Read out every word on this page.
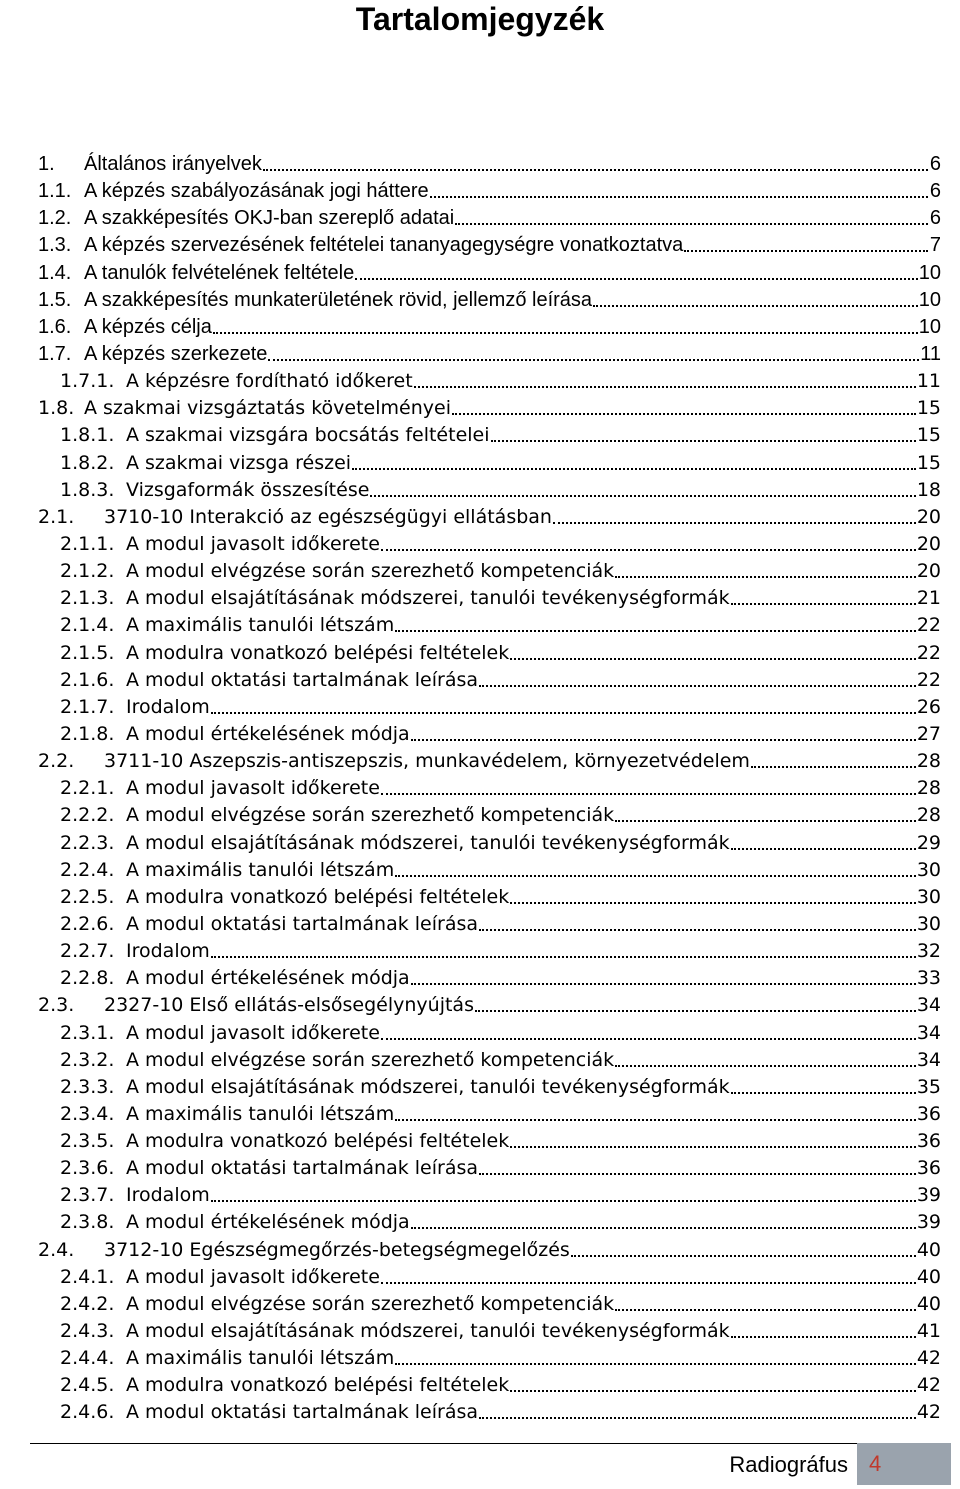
Tartalomjegyzék
1.	Általános irányelvek	6
1.1. A képzés szabályozásának jogi háttere	6
1.2. A szakképesítés OKJ-ban szereplő adatai	6
1.3. A képzés szervezésének feltételei tananyagegységre vonatkoztatva	7
1.4. A tanulók felvételének feltétele	10
1.5. A szakképesítés munkaterületének rövid, jellemző leírása	10
1.6. A képzés célja	10
1.7. A képzés szerkezete	11
1.7.1. A képzésre fordítható időkeret	11
1.8. A szakmai vizsgáztatás követelményei	15
1.8.1. A szakmai vizsgára bocsátás feltételei	15
1.8.2. A szakmai vizsga részei	15
1.8.3. Vizsgaformák összesítése	18
2.1.	3710-10 Interakció az egészségügyi ellátásban	20
2.1.1. A modul javasolt időkerete	20
2.1.2. A modul elvégzése során szerezhető kompetenciák	20
2.1.3. A modul elsajátításának módszerei, tanulói tevékenységformák	21
2.1.4. A maximális tanulói létszám	22
2.1.5. A modulra vonatkozó belépési feltételek	22
2.1.6. A modul oktatási tartalmának leírása	22
2.1.7. Irodalom	26
2.1.8. A modul értékelésének módja	27
2.2.	3711-10 Aszepszis-antiszepszis, munkavédelem, környezetvédelem	28
2.2.1. A modul javasolt időkerete	28
2.2.2. A modul elvégzése során szerezhető kompetenciák	28
2.2.3. A modul elsajátításának módszerei, tanulói tevékenységformák	29
2.2.4. A maximális tanulói létszám	30
2.2.5. A modulra vonatkozó belépési feltételek	30
2.2.6. A modul oktatási tartalmának leírása	30
2.2.7. Irodalom	32
2.2.8. A modul értékelésének módja	33
2.3.	2327-10 Első ellátás-elsősegélynyújtás	34
2.3.1. A modul javasolt időkerete	34
2.3.2. A modul elvégzése során szerezhető kompetenciák	34
2.3.3. A modul elsajátításának módszerei, tanulói tevékenységformák	35
2.3.4. A maximális tanulói létszám	36
2.3.5. A modulra vonatkozó belépési feltételek	36
2.3.6. A modul oktatási tartalmának leírása	36
2.3.7. Irodalom	39
2.3.8. A modul értékelésének módja	39
2.4.	3712-10 Egészségmegőrzés-betegségmegelőzés	40
2.4.1. A modul javasolt időkerete	40
2.4.2. A modul elvégzése során szerezhető kompetenciák	40
2.4.3. A modul elsajátításának módszerei, tanulói tevékenységformák	41
2.4.4. A maximális tanulói létszám	42
2.4.5. A modulra vonatkozó belépési feltételek	42
2.4.6. A modul oktatási tartalmának leírása	42
Radiográfus 4
